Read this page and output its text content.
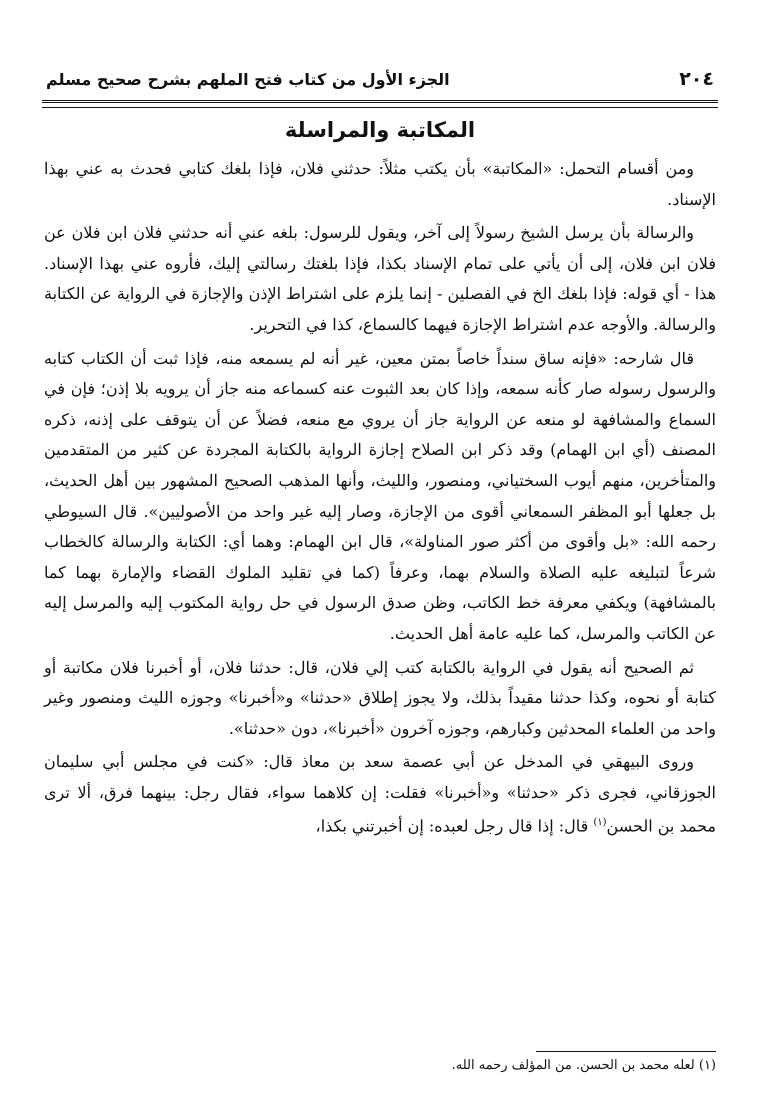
٢٠٤
الجزء الأول من كتاب فتح الملهم بشرح صحيح مسلم
المكاتبة والمراسلة

ومن أقسام التحمل: «المكاتبة» بأن يكتب مثلاً: حدثني فلان، فإذا بلغك كتابي فحدث به عني بهذا الإسناد.

والرسالة بأن يرسل الشيخ رسولاً إلى آخر، ويقول للرسول: بلغه عني أنه حدثني فلان ابن فلان عن فلان ابن فلان، إلى أن يأتي على تمام الإسناد بكذا، فإذا بلغتك رسالتي إليك، فأروه عني بهذا الإسناد. هذا - أي قوله: فإذا بلغك الخ في الفصلين - إنما يلزم على اشتراط الإذن والإجازة في الرواية عن الكتابة والرسالة. والأوجه عدم اشتراط الإجازة فيهما كالسماع، كذا في التحرير.

قال شارحه: «فإنه ساق سنداً خاصاً بمتن معين، غير أنه لم يسمعه منه، فإذا ثبت أن الكتاب كتابه والرسول رسوله صار كأنه سمعه، وإذا كان بعد الثبوت عنه كسماعه منه جاز أن يرويه بلا إذن؛ فإن في السماع والمشافهة لو منعه عن الرواية جاز أن يروي مع منعه، فضلاً عن أن يتوقف على إذنه، ذكره المصنف (أي ابن الهمام) وقد ذكر ابن الصلاح إجازة الرواية بالكتابة المجردة عن كثير من المتقدمين والمتأخرين، منهم أيوب السختياني، ومنصور، والليث، وأنها المذهب الصحيح المشهور بين أهل الحديث، بل جعلها أبو المظفر السمعاني أقوى من الإجازة، وصار إليه غير واحد من الأصوليين». قال السيوطي رحمه الله: «بل وأقوى من أكثر صور المناولة»، قال ابن الهمام: وهما أي: الكتابة والرسالة كالخطاب شرعاً لتبليغه عليه الصلاة والسلام بهما، وعرفاً (كما في تقليد الملوك القضاء والإمارة بهما كما بالمشافهة) ويكفي معرفة خط الكاتب، وظن صدق الرسول في حل رواية المكتوب إليه والمرسل إليه عن الكاتب والمرسل، كما عليه عامة أهل الحديث.

ثم الصحيح أنه يقول في الرواية بالكتابة كتب إلي فلان، قال: حدثنا فلان، أو أخبرنا فلان مكاتبة أو كتابة أو نحوه، وكذا حدثنا مقيداً بذلك، ولا يجوز إطلاق «حدثنا» و«أخبرنا» وجوزه الليث ومنصور وغير واحد من العلماء المحدثين وكبارهم، وجوزه آخرون «أخبرنا»، دون «حدثنا».

وروى البيهقي في المدخل عن أبي عصمة سعد بن معاذ قال: «كنت في مجلس أبي سليمان الجوزقاني، فجرى ذكر «حدثنا» و«أخبرنا» فقلت: إن كلاهما سواء، فقال رجل: بينهما فرق، ألا ترى محمد بن الحسن$^{(١)}$ قال: إذا قال رجل لعبده: إن أخبرتني بكذا،

(١) لعله محمد بن الحسن. من المؤلف رحمه الله.
